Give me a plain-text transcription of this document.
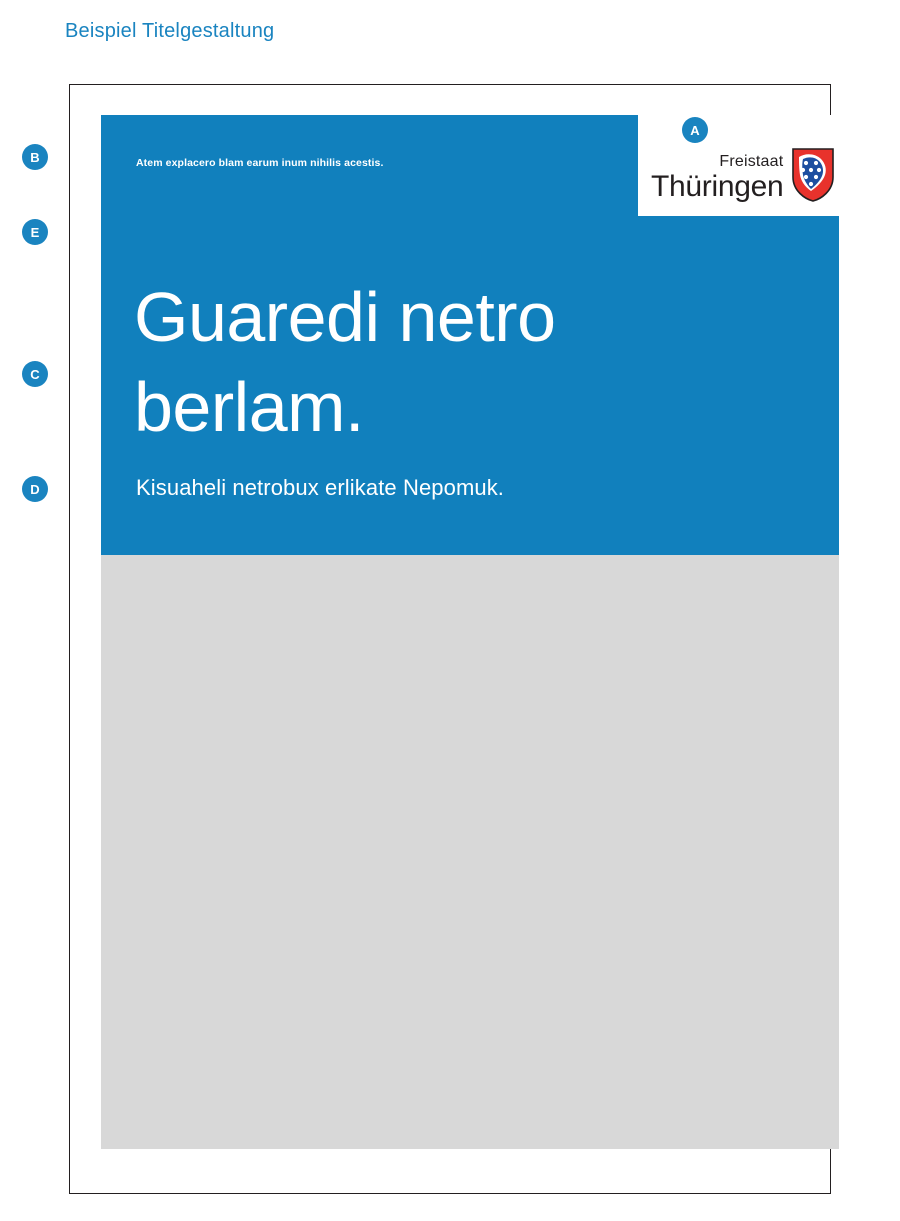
Beispiel Titelgestaltung
Atem explacero blam earum inum nihilis acestis.
Guaredi netro berlam.
Kisuaheli netrobux erlikate Nepomuk.
Freistaat
Thüringen
A
B
E
C
D
